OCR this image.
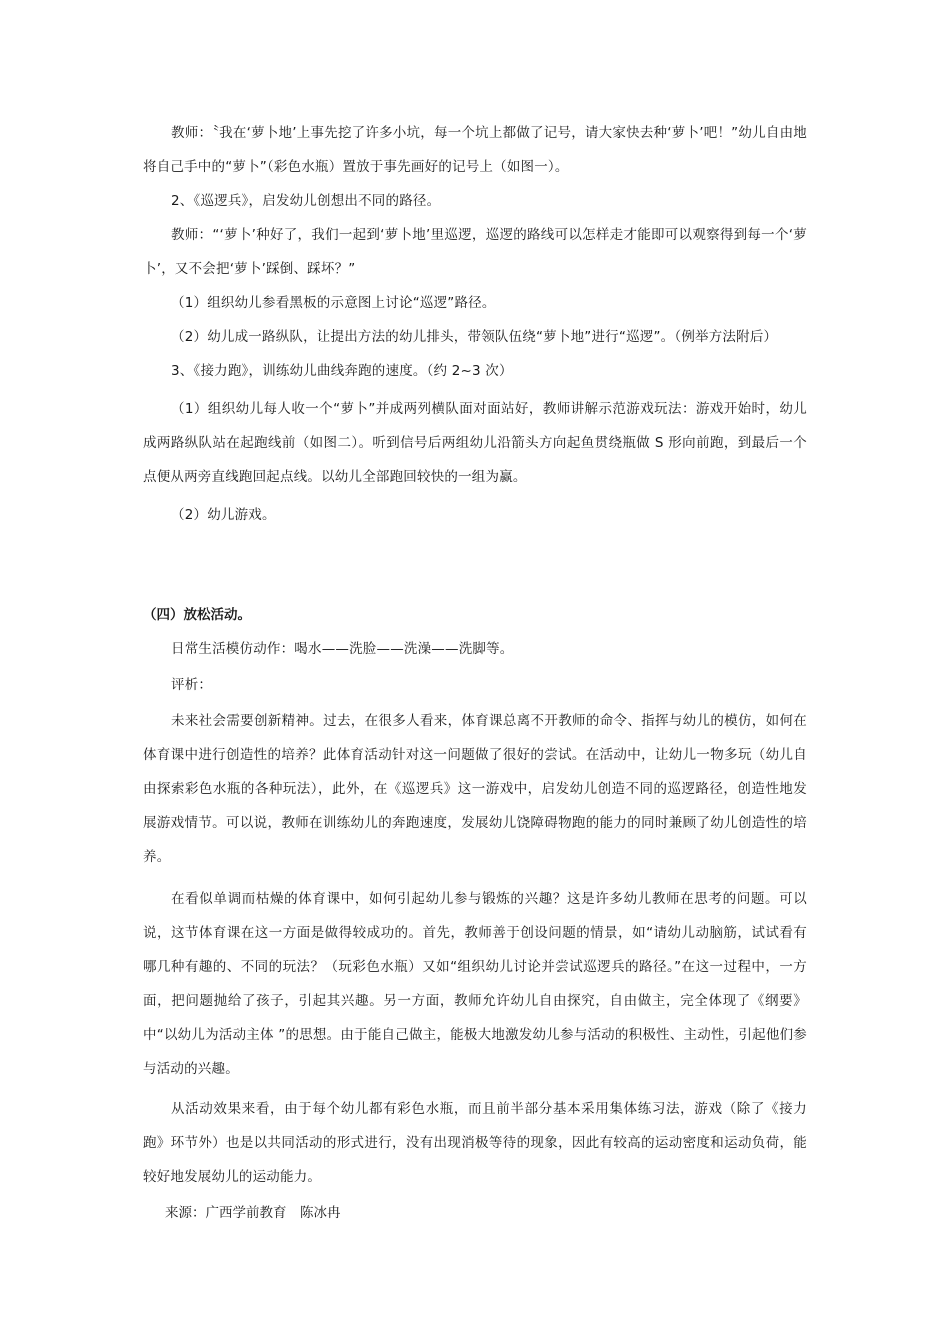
教师：〝我在‘萝卜地’上事先挖了许多小坑，每一个坑上都做了记号，请大家快去种‘萝卜’吧！”幼儿自由地将自己手中的“萝卜”（彩色水瓶）置放于事先画好的记号上（如图一）。

2、《巡逻兵》，启发幼儿创想出不同的路径。

教师：“‘萝卜’种好了，我们一起到‘萝卜地’里巡逻，巡逻的路线可以怎样走才能即可以观察得到每一个‘萝卜’，又不会把‘萝卜’踩倒、踩坏？”

（1）组织幼儿参看黑板的示意图上讨论“巡逻”路径。

（2）幼儿成一路纵队，让提出方法的幼儿排头，带领队伍绕“萝卜地”进行“巡逻”。（例举方法附后）

3、《接力跑》，训练幼儿曲线奔跑的速度。（约 2~3 次）

（1）组织幼儿每人收一个“萝卜”并成两列横队面对面站好，教师讲解示范游戏玩法：游戏开始时，幼儿成两路纵队站在起跑线前（如图二）。听到信号后两组幼儿沿箭头方向起鱼贯绕瓶做 S 形向前跑，到最后一个点便从两旁直线跑回起点线。以幼儿全部跑回较快的一组为赢。

（2）幼儿游戏。

（四）放松活动。

日常生活模仿动作：喝水——洗脸——洗澡——洗脚等。

评析：

未来社会需要创新精神。过去，在很多人看来，体育课总离不开教师的命令、指挥与幼儿的模仿，如何在体育课中进行创造性的培养？此体育活动针对这一问题做了很好的尝试。在活动中，让幼儿一物多玩（幼儿自由探索彩色水瓶的各种玩法），此外，在《巡逻兵》这一游戏中，启发幼儿创造不同的巡逻路径，创造性地发展游戏情节。可以说，教师在训练幼儿的奔跑速度，发展幼儿饶障碍物跑的能力的同时兼顾了幼儿创造性的培养。

在看似单调而枯燥的体育课中，如何引起幼儿参与锻炼的兴趣？这是许多幼儿教师在思考的问题。可以说，这节体育课在这一方面是做得较成功的。首先，教师善于创设问题的情景，如“请幼儿动脑筋，试试看有哪几种有趣的、不同的玩法？（玩彩色水瓶）又如“组织幼儿讨论并尝试巡逻兵的路径。”在这一过程中，一方面，把问题抛给了孩子，引起其兴趣。另一方面，教师允许幼儿自由探究，自由做主，完全体现了《纲要》中“以幼儿为活动主体 ”的思想。由于能自己做主，能极大地激发幼儿参与活动的积极性、主动性，引起他们参与活动的兴趣。

从活动效果来看，由于每个幼儿都有彩色水瓶，而且前半部分基本采用集体练习法，游戏（除了《接力跑》环节外）也是以共同活动的形式进行，没有出现消极等待的现象，因此有较高的运动密度和运动负荷，能较好地发展幼儿的运动能力。

来源：广西学前教育　陈冰冉
